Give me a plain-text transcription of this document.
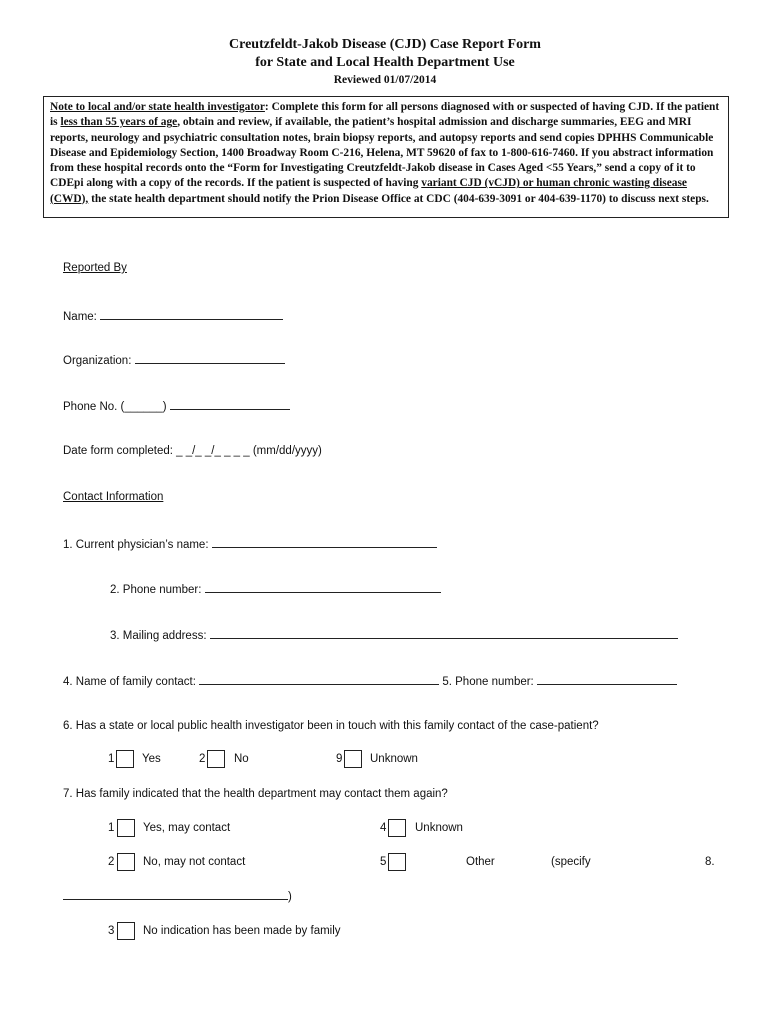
Creutzfeldt-Jakob Disease (CJD) Case Report Form
for State and Local Health Department Use
Reviewed 01/07/2014
Note to local and/or state health investigator: Complete this form for all persons diagnosed with or suspected of having CJD. If the patient is less than 55 years of age, obtain and review, if available, the patient’s hospital admission and discharge summaries, EEG and MRI reports, neurology and psychiatric consultation notes, brain biopsy reports, and autopsy reports and send copies DPHHS Communicable Disease and Epidemiology Section, 1400 Broadway Room C-216, Helena, MT 59620 of fax to 1-800-616-7460. If you abstract information from these hospital records onto the “Form for Investigating Creutzfeldt-Jakob disease in Cases Aged <55 Years,” send a copy of it to CDEpi along with a copy of the records. If the patient is suspected of having variant CJD (vCJD) or human chronic wasting disease (CWD), the state health department should notify the Prion Disease Office at CDC (404-639-3091 or 404-639-1170) to discuss next steps.
Reported By
Name:
Organization:
Phone No. (______)
Date form completed: _ _/_ _/_ _ _ _ (mm/dd/yyyy)
Contact Information
1. Current physician’s name:
2. Phone number:
3. Mailing address:
4. Name of family contact:	5. Phone number:
6. Has a state or local public health investigator been in touch with this family contact of the case-patient?
1 Yes	2 No	9 Unknown
7. Has family indicated that the health department may contact them again?
1 Yes, may contact	4 Unknown
2 No, may not contact	5	Other	(specify	8.
)
3 No indication has been made by family
